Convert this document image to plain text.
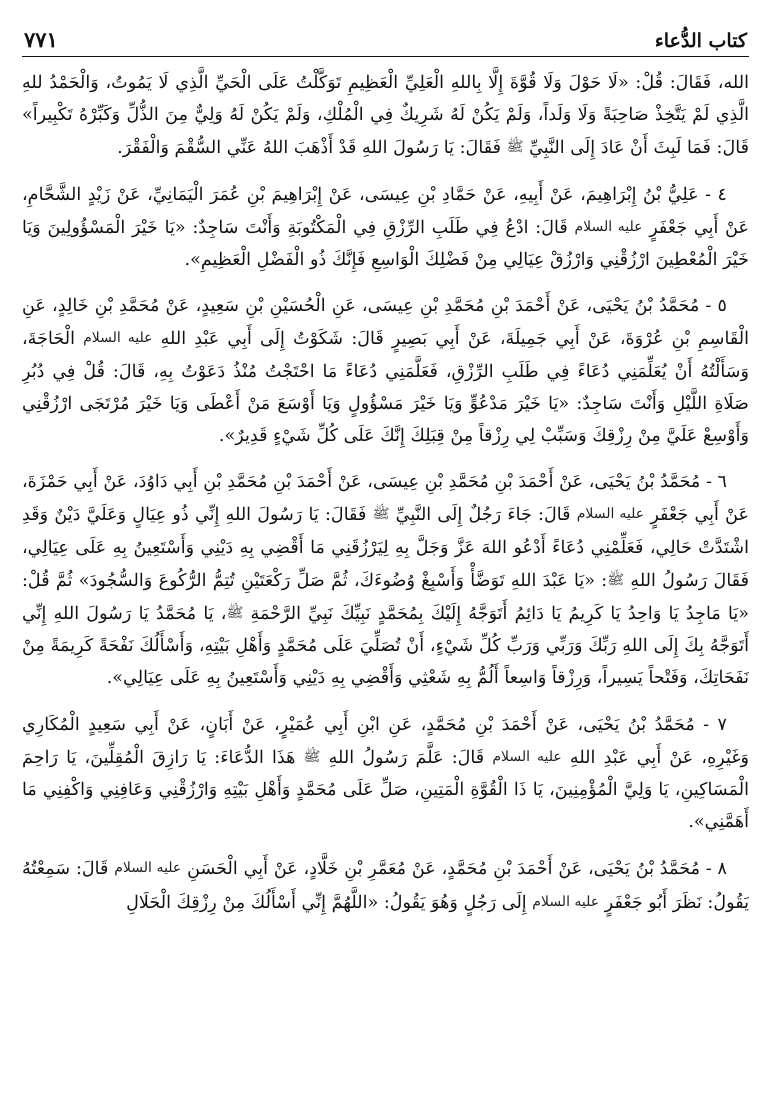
كتاب الدُّعاء
٧٧١

الله، فَقَالَ: قُلْ: «لَا حَوْلَ وَلَا قُوَّةَ إِلَّا بِاللهِ الْعَلِيِّ الْعَظِيمِ تَوَكَّلْتُ عَلَى الْحَيِّ الَّذِي لَا يَمُوتُ، وَالْحَمْدُ للهِ الَّذِي لَمْ يَتَّخِذْ صَاحِبَةً وَلَا وَلَداً، وَلَمْ يَكُنْ لَهُ شَرِيكٌ فِي الْمُلْكِ، وَلَمْ يَكُنْ لَهُ وَلِيٌّ مِنَ الذُّلِّ وَكَبِّرْهُ تَكْبِيراً» قَالَ: فَمَا لَبِثَ أَنْ عَادَ إِلَى النَّبِيِّ ﷺ فَقَالَ: يَا رَسُولَ اللهِ قَدْ أَذْهَبَ اللهُ عَنِّي السُّقْمَ وَالْفَقْرَ.

٤ - عَلِيُّ بْنُ إِبْرَاهِيمَ، عَنْ أَبِيهِ، عَنْ حَمَّادِ بْنِ عِيسَى، عَنْ إِبْرَاهِيمَ بْنِ عُمَرَ الْيَمَانِيِّ، عَنْ زَيْدٍ الشَّحَّامِ، عَنْ أَبِي جَعْفَرٍ عليه السلام قَالَ: ادْعُ فِي طَلَبِ الرِّزْقِ فِي الْمَكْتُوبَةِ وَأَنْتَ سَاجِدٌ: «يَا خَيْرَ الْمَسْؤُولِينَ وَيَا خَيْرَ الْمُعْطِينَ ارْزُقْنِي وَارْزُقْ عِيَالِي مِنْ فَضْلِكَ الْوَاسِعِ فَإِنَّكَ ذُو الْفَضْلِ الْعَظِيمِ».

٥ - مُحَمَّدُ بْنُ يَحْيَى، عَنْ أَحْمَدَ بْنِ مُحَمَّدِ بْنِ عِيسَى، عَنِ الْحُسَيْنِ بْنِ سَعِيدٍ، عَنْ مُحَمَّدِ بْنِ خَالِدٍ، عَنِ الْقَاسِمِ بْنِ عُرْوَةَ، عَنْ أَبِي جَمِيلَةَ، عَنْ أَبِي بَصِيرٍ قَالَ: شَكَوْتُ إِلَى أَبِي عَبْدِ اللهِ عليه السلام الْحَاجَةَ، وَسَأَلْتُهُ أَنْ يُعَلِّمَنِي دُعَاءً فِي طَلَبِ الرِّزْقِ، فَعَلَّمَنِي دُعَاءً مَا احْتَجْتُ مُنْذُ دَعَوْتُ بِهِ، قَالَ: قُلْ فِي دُبُرِ صَلَاةِ اللَّيْلِ وَأَنْتَ سَاجِدٌ: «يَا خَيْرَ مَدْعُوٍّ وَيَا خَيْرَ مَسْؤُولٍ وَيَا أَوْسَعَ مَنْ أَعْطَى وَيَا خَيْرَ مُرْتَجَى ارْزُقْنِي وَأَوْسِعْ عَلَيَّ مِنْ رِزْقِكَ وَسَبِّبْ لِي رِزْقاً مِنْ قِبَلِكَ إِنَّكَ عَلَى كُلِّ شَيْءٍ قَدِيرٌ».

٦ - مُحَمَّدُ بْنُ يَحْيَى، عَنْ أَحْمَدَ بْنِ مُحَمَّدِ بْنِ عِيسَى، عَنْ أَحْمَدَ بْنِ مُحَمَّدِ بْنِ أَبِي دَاوُدَ، عَنْ أَبِي حَمْزَةَ، عَنْ أَبِي جَعْفَرٍ عليه السلام قَالَ: جَاءَ رَجُلٌ إِلَى النَّبِيِّ ﷺ فَقَالَ: يَا رَسُولَ اللهِ إِنِّي ذُو عِيَالٍ وَعَلَيَّ دَيْنٌ وَقَدِ اشْتَدَّتْ حَالِي، فَعَلِّمْنِي دُعَاءً أَدْعُو اللهَ عَزَّ وَجَلَّ بِهِ لِيَرْزُقَنِي مَا أَقْضِي بِهِ دَيْنِي وَأَسْتَعِينُ بِهِ عَلَى عِيَالِي، فَقَالَ رَسُولُ اللهِ ﷺ: «يَا عَبْدَ اللهِ تَوَضَّأْ وَأَسْبِغْ وُضُوءَكَ، ثُمَّ صَلِّ رَكْعَتَيْنِ تُتِمُّ الرُّكُوعَ وَالسُّجُودَ» ثُمَّ قُلْ: «يَا مَاجِدُ يَا وَاحِدُ يَا كَرِيمُ يَا دَائِمُ أَتَوَجَّهُ إِلَيْكَ بِمُحَمَّدٍ نَبِيِّكَ نَبِيِّ الرَّحْمَةِ ﷺ، يَا مُحَمَّدُ يَا رَسُولَ اللهِ إِنِّي أَتَوَجَّهُ بِكَ إِلَى اللهِ رَبِّكَ وَرَبِّي وَرَبِّ كُلِّ شَيْءٍ، أَنْ تُصَلِّيَ عَلَى مُحَمَّدٍ وَأَهْلِ بَيْتِهِ، وَأَسْأَلُكَ نَفْحَةً كَرِيمَةً مِنْ نَفَحَاتِكَ، وَفَتْحاً يَسِيراً، وَرِزْقاً وَاسِعاً أَلُمُّ بِهِ شَعْثِي وَأَقْضِي بِهِ دَيْنِي وَأَسْتَعِينُ بِهِ عَلَى عِيَالِي».

٧ - مُحَمَّدُ بْنُ يَحْيَى، عَنْ أَحْمَدَ بْنِ مُحَمَّدٍ، عَنِ ابْنِ أَبِي عُمَيْرٍ، عَنْ أَبَانٍ، عَنْ أَبِي سَعِيدٍ الْمُكَارِي وَغَيْرِهِ، عَنْ أَبِي عَبْدِ اللهِ عليه السلام قَالَ: عَلَّمَ رَسُولُ اللهِ ﷺ هَذَا الدُّعَاءَ: يَا رَازِقَ الْمُقِلِّينَ، يَا رَاحِمَ الْمَسَاكِينِ، يَا وَلِيَّ الْمُؤْمِنِينَ، يَا ذَا الْقُوَّةِ الْمَتِينِ، صَلِّ عَلَى مُحَمَّدٍ وَأَهْلِ بَيْتِهِ وَارْزُقْنِي وَعَافِنِي وَاكْفِنِي مَا أَهَمَّنِي».

٨ - مُحَمَّدُ بْنُ يَحْيَى، عَنْ أَحْمَدَ بْنِ مُحَمَّدٍ، عَنْ مُعَمَّرِ بْنِ خَلَّادٍ، عَنْ أَبِي الْحَسَنِ عليه السلام قَالَ: سَمِعْتُهُ يَقُولُ: نَظَرَ أَبُو جَعْفَرٍ عليه السلام إِلَى رَجُلٍ وَهُوَ يَقُولُ: «اللَّهُمَّ إِنِّي أَسْأَلُكَ مِنْ رِزْقِكَ الْحَلَالِ
